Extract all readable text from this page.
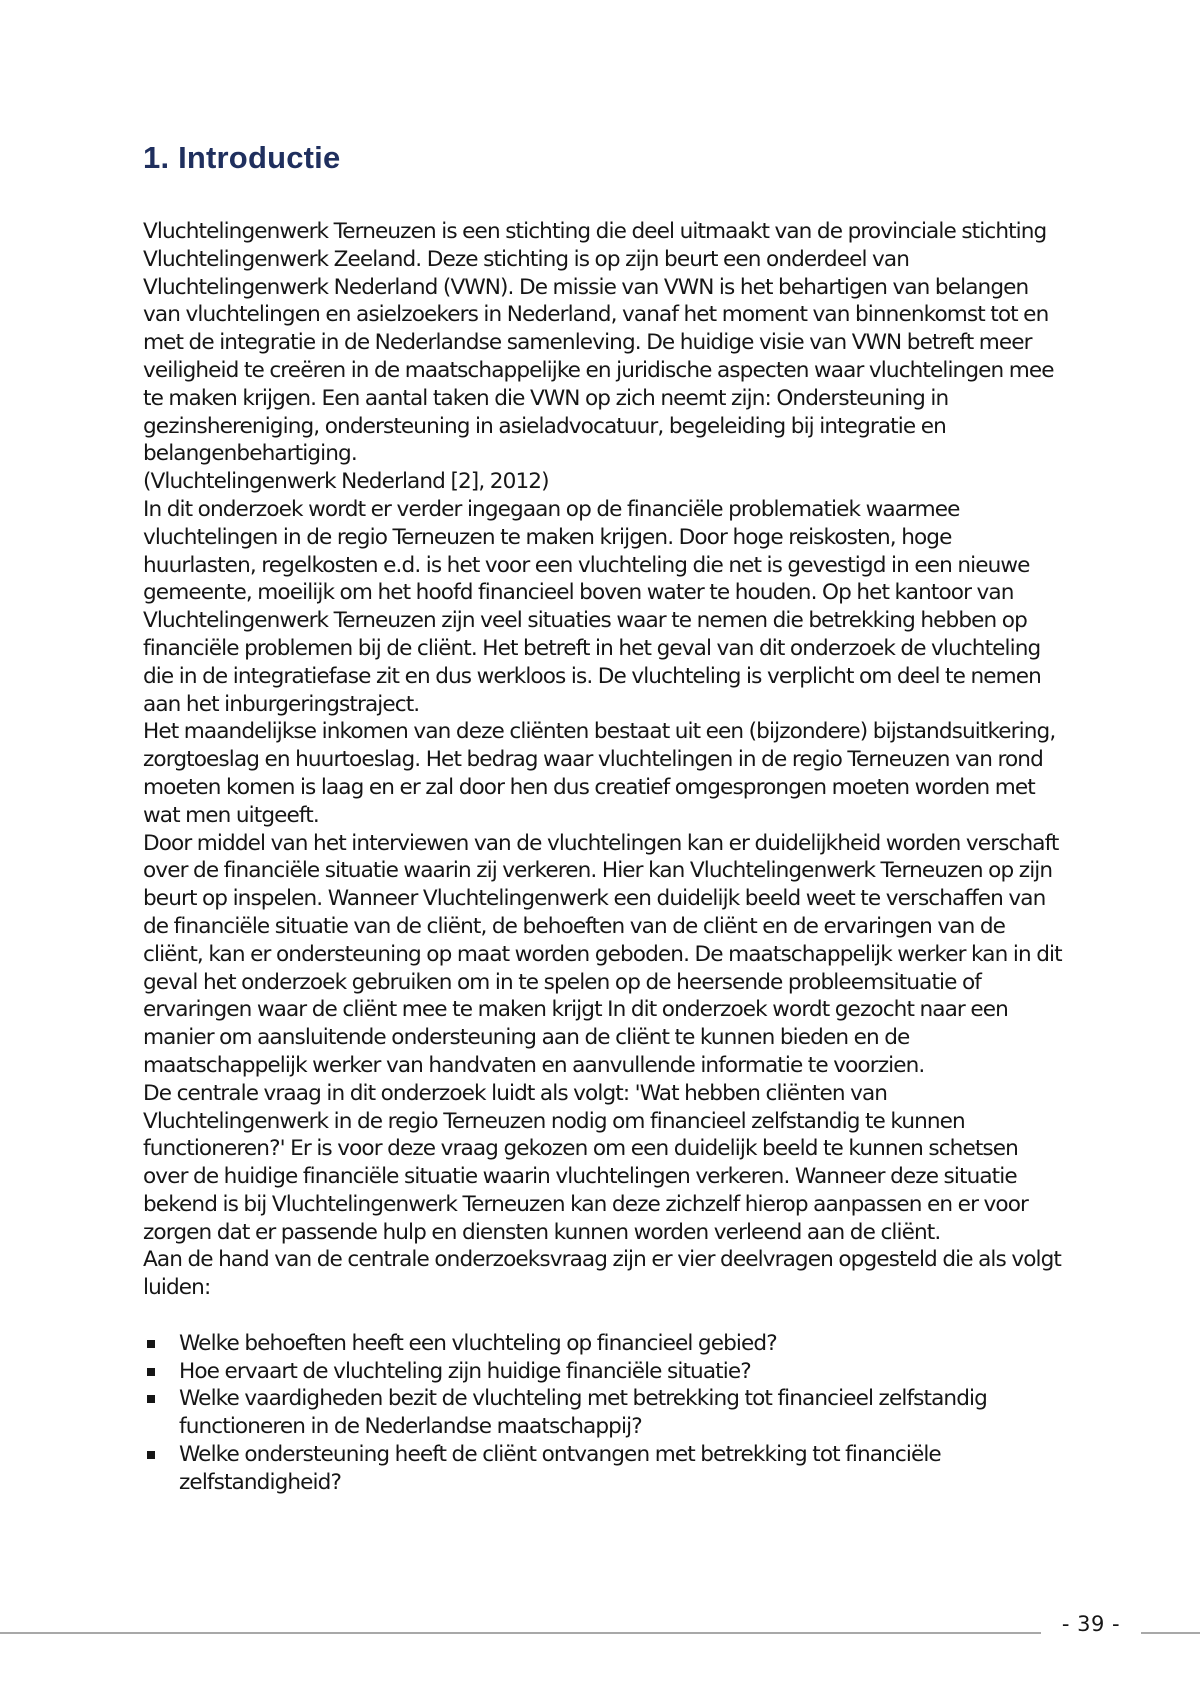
1. Introductie

Vluchtelingenwerk Terneuzen is een stichting die deel uitmaakt van de provinciale stichting Vluchtelingenwerk Zeeland. Deze stichting is op zijn beurt een onderdeel van Vluchtelingenwerk Nederland (VWN). De missie van VWN is het behartigen van belangen van vluchtelingen en asielzoekers in Nederland, vanaf het moment van binnenkomst tot en met de integratie in de Nederlandse samenleving. De huidige visie van VWN betreft meer veiligheid te creëren in de maatschappelijke en juridische aspecten waar vluchtelingen mee te maken krijgen. Een aantal taken die VWN op zich neemt zijn: Ondersteuning in gezinshereniging, ondersteuning in asieladvocatuur, begeleiding bij integratie en belangenbehartiging.

(Vluchtelingenwerk Nederland [2], 2012)

In dit onderzoek wordt er verder ingegaan op de financiële problematiek waarmee vluchtelingen in de regio Terneuzen te maken krijgen. Door hoge reiskosten, hoge huurlasten, regelkosten e.d. is het voor een vluchteling die net is gevestigd in een nieuwe gemeente, moeilijk om het hoofd financieel boven water te houden. Op het kantoor van Vluchtelingenwerk Terneuzen zijn veel situaties waar te nemen die betrekking hebben op financiële problemen bij de cliënt. Het betreft in het geval van dit onderzoek de vluchteling die in de integratiefase zit en dus werkloos is. De vluchteling is verplicht om deel te nemen aan het inburgeringstraject.

Het maandelijkse inkomen van deze cliënten bestaat uit een (bijzondere) bijstandsuitkering, zorgtoeslag en huurtoeslag. Het bedrag waar vluchtelingen in de regio Terneuzen van rond moeten komen is laag en er zal door hen dus creatief omgesprongen moeten worden met wat men uitgeeft.

Door middel van het interviewen van de vluchtelingen kan er duidelijkheid worden verschaft over de financiële situatie waarin zij verkeren. Hier kan Vluchtelingenwerk Terneuzen op zijn beurt op inspelen. Wanneer Vluchtelingenwerk een duidelijk beeld weet te verschaffen van de financiële situatie van de cliënt, de behoeften van de cliënt en de ervaringen van de cliënt, kan er ondersteuning op maat worden geboden. De maatschappelijk werker kan in dit geval het onderzoek gebruiken om in te spelen op de heersende probleemsituatie of ervaringen waar de cliënt mee te maken krijgt In dit onderzoek wordt gezocht naar een manier om aansluitende ondersteuning aan de cliënt te kunnen bieden en de maatschappelijk werker van handvaten en aanvullende informatie te voorzien.

De centrale vraag in dit onderzoek luidt als volgt: 'Wat hebben cliënten van Vluchtelingenwerk in de regio Terneuzen nodig om financieel zelfstandig te kunnen functioneren?' Er is voor deze vraag gekozen om een duidelijk beeld te kunnen schetsen over de huidige financiële situatie waarin vluchtelingen verkeren. Wanneer deze situatie bekend is bij Vluchtelingenwerk Terneuzen kan deze zichzelf hierop aanpassen en er voor zorgen dat er passende hulp en diensten kunnen worden verleend aan de cliënt.

Aan de hand van de centrale onderzoeksvraag zijn er vier deelvragen opgesteld die als volgt luiden:

Welke behoeften heeft een vluchteling op financieel gebied?
Hoe ervaart de vluchteling zijn huidige financiële situatie?
Welke vaardigheden bezit de vluchteling met betrekking tot financieel zelfstandig functioneren in de Nederlandse maatschappij?
Welke ondersteuning heeft de cliënt ontvangen met betrekking tot financiële zelfstandigheid?
- 39 -
